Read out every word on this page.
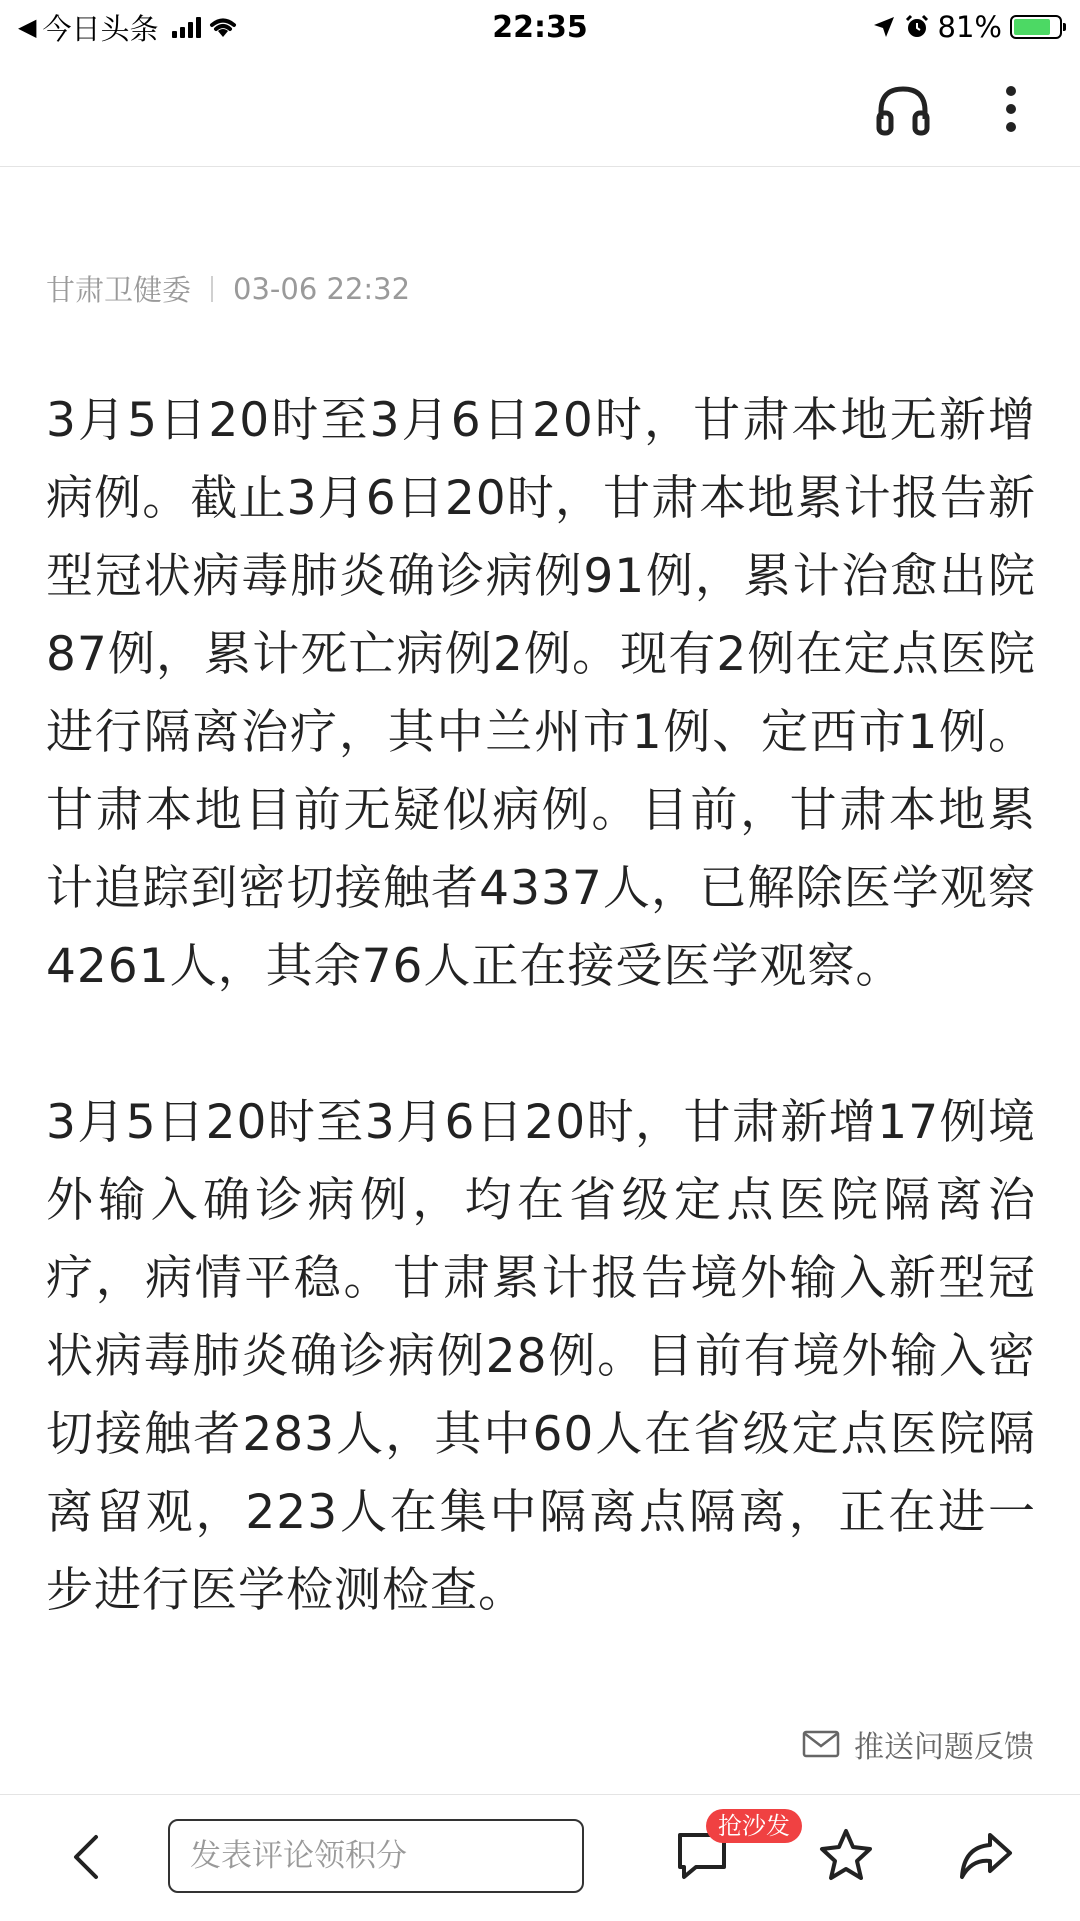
◀ 今日头条	22:35	81%
甘肃卫健委 03-06 22:32

3月5日20时至3月6日20时，甘肃本地无新增病例。截止3月6日20时，甘肃本地累计报告新型冠状病毒肺炎确诊病例91例，累计治愈出院87例，累计死亡病例2例。现有2例在定点医院进行隔离治疗，其中兰州市1例、定西市1例。甘肃本地目前无疑似病例。目前，甘肃本地累计追踪到密切接触者4337人，已解除医学观察4261人，其余76人正在接受医学观察。

3月5日20时至3月6日20时，甘肃新增17例境外输入确诊病例，均在省级定点医院隔离治疗，病情平稳。甘肃累计报告境外输入新型冠状病毒肺炎确诊病例28例。目前有境外输入密切接触者283人，其中60人在省级定点医院隔离留观，223人在集中隔离点隔离，正在进一步进行医学检测检查。

推送问题反馈
发表评论领积分
抢沙发
